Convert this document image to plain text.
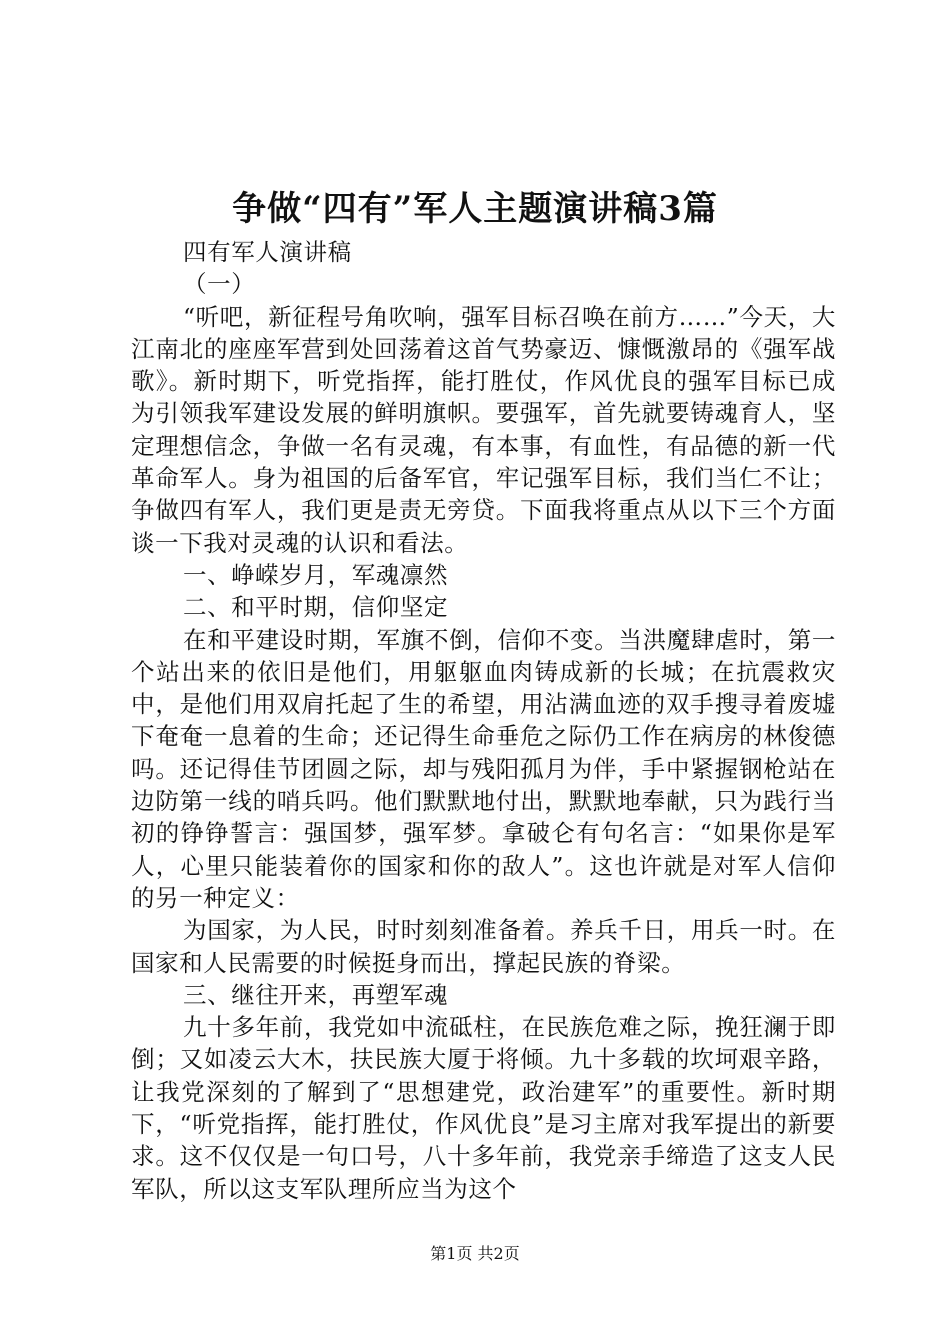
争做“四有”军人主题演讲稿3篇

四有军人演讲稿

（一）

“听吧，新征程号角吹响，强军目标召唤在前方……”今天，大江南北的座座军营到处回荡着这首气势豪迈、慷慨激昂的《强军战歌》。新时期下，听党指挥，能打胜仗，作风优良的强军目标已成为引领我军建设发展的鲜明旗帜。要强军，首先就要铸魂育人，坚定理想信念，争做一名有灵魂，有本事，有血性，有品德的新一代革命军人。身为祖国的后备军官，牢记强军目标，我们当仁不让；争做四有军人，我们更是责无旁贷。下面我将重点从以下三个方面谈一下我对灵魂的认识和看法。

一、峥嵘岁月，军魂凛然

二、和平时期，信仰坚定

在和平建设时期，军旗不倒，信仰不变。当洪魔肆虐时，第一个站出来的依旧是他们，用躯躯血肉铸成新的长城；在抗震救灾中，是他们用双肩托起了生的希望，用沾满血迹的双手搜寻着废墟下奄奄一息着的生命；还记得生命垂危之际仍工作在病房的林俊德吗。还记得佳节团圆之际，却与残阳孤月为伴，手中紧握钢枪站在边防第一线的哨兵吗。他们默默地付出，默默地奉献，只为践行当初的铮铮誓言：强国梦，强军梦。拿破仑有句名言：“如果你是军人，心里只能装着你的国家和你的敌人”。这也许就是对军人信仰的另一种定义：

为国家，为人民，时时刻刻准备着。养兵千日，用兵一时。在国家和人民需要的时候挺身而出，撑起民族的脊梁。

三、继往开来，再塑军魂

九十多年前，我党如中流砥柱，在民族危难之际，挽狂澜于即倒；又如凌云大木，扶民族大厦于将倾。九十多载的坎坷艰辛路，让我党深刻的了解到了“思想建党，政治建军”的重要性。新时期下，“听党指挥，能打胜仗，作风优良”是习主席对我军提出的新要求。这不仅仅是一句口号，八十多年前，我党亲手缔造了这支人民军队，所以这支军队理所应当为这个

第1页 共2页
